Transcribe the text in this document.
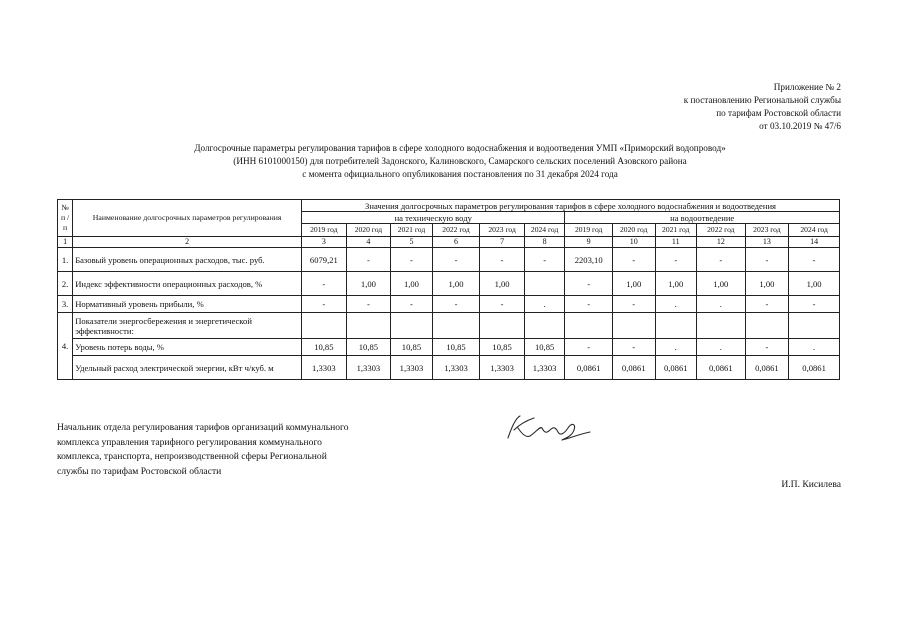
Приложение № 2
к постановлению Региональной службы
по тарифам Ростовской области
от 03.10.2019 № 47/6
Долгосрочные параметры регулирования тарифов в сфере холодного водоснабжения и водоотведения УМП «Приморский водопровод»
(ИНН 6101000150) для потребителей Задонского, Калиновского, Самарского сельских поселений Азовского района
с момента официального опубликования постановления по 31 декабря 2024 года
№ п /п	Наименование долгосрочных параметров регулирования	Значения долгосрочных параметров регулирования тарифов в сфере холодного водоснабжения и водоотведения											
		на техническую воду						на водоотведение					
		2019 год	2020 год	2021 год	2022 год	2023 год	2024 год	2019 год	2020 год	2021 год	2022 год	2023 год	2024 год
1	2	3	4	5	6	7	8	9	10	11	12	13	14
1.	Базовый уровень операционных расходов, тыс. руб.	6079,21	-	-	-	-	-	2203,10	-	-	-	-	-
2.	Индекс эффективности операционных расходов, %	-	1,00	1,00	1,00	1,00		-	1,00	1,00	1,00	1,00	1,00
3.	Нормативный уровень прибыли, %	-	-	-	-	-	.	-	-	.	.	-	-
4.	Показатели энергосбережения и энергетической эффективности:												
	Уровень потерь воды, %	10,85	10,85	10,85	10,85	10,85	10,85	-	-	.	.	-	.
	Удельный расход электрической энергии, кВт ч/куб. м	1,3303	1,3303	1,3303	1,3303	1,3303	1,3303	0,0861	0,0861	0,0861	0,0861	0,0861	0,0861
Начальник отдела регулирования тарифов организаций коммунального комплекса управления тарифного регулирования коммунального комплекса, транспорта, непроизводственной сферы Региональной службы по тарифам Ростовской области
И.П. Кисилева
